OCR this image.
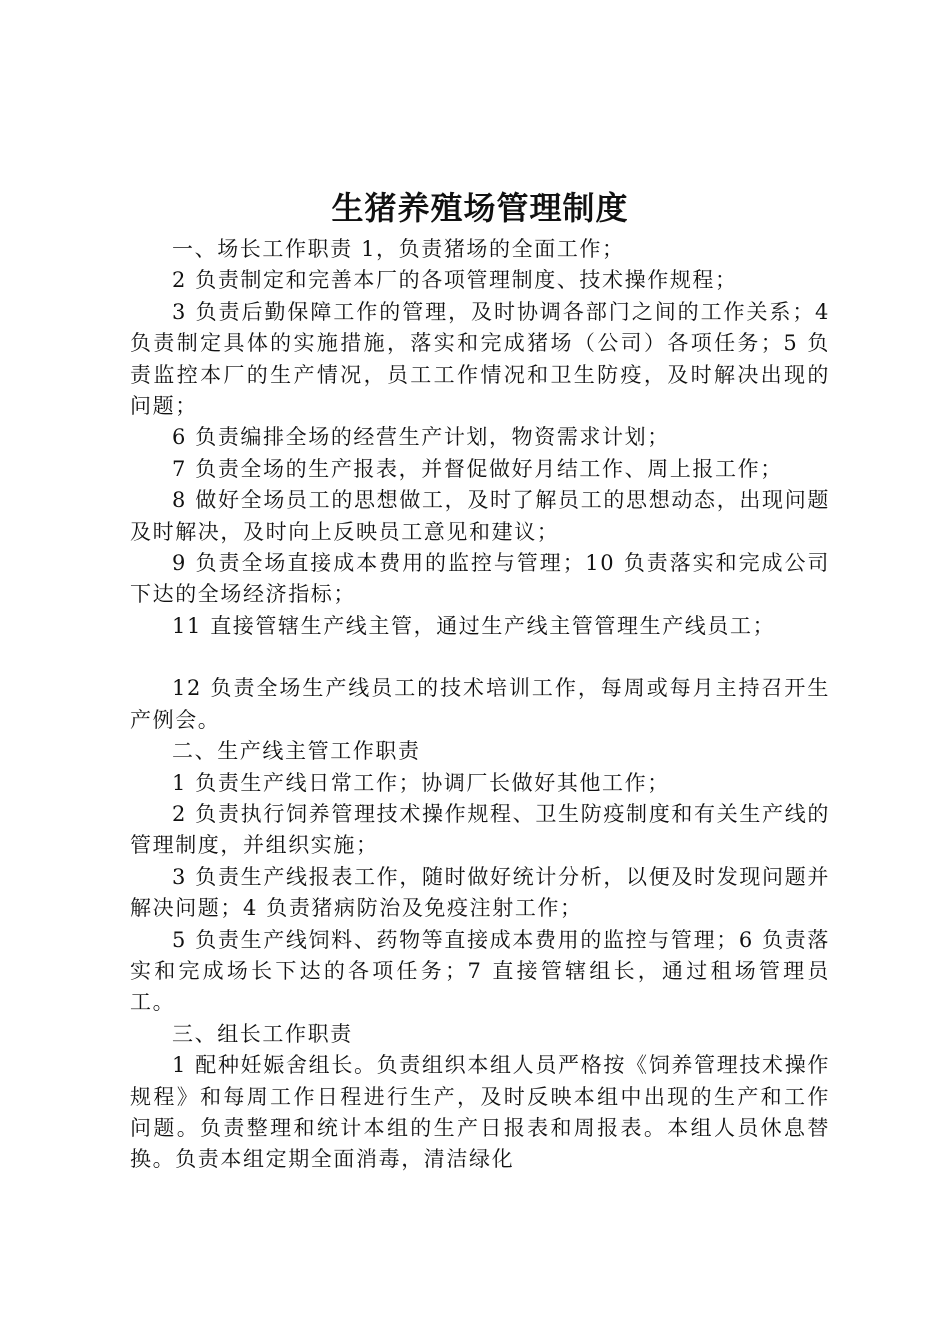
生猪养殖场管理制度

一、场长工作职责 1，负责猪场的全面工作；

2 负责制定和完善本厂的各项管理制度、技术操作规程；

3 负责后勤保障工作的管理，及时协调各部门之间的工作关系；4 负责制定具体的实施措施，落实和完成猪场（公司）各项任务；5 负责监控本厂的生产情况，员工工作情况和卫生防疫，及时解决出现的问题；

6 负责编排全场的经营生产计划，物资需求计划；

7 负责全场的生产报表，并督促做好月结工作、周上报工作；

8 做好全场员工的思想做工，及时了解员工的思想动态，出现问题及时解决，及时向上反映员工意见和建议；

9 负责全场直接成本费用的监控与管理；10 负责落实和完成公司下达的全场经济指标；

11 直接管辖生产线主管，通过生产线主管管理生产线员工；

12 负责全场生产线员工的技术培训工作，每周或每月主持召开生产例会。

二、生产线主管工作职责

1 负责生产线日常工作；协调厂长做好其他工作；

2 负责执行饲养管理技术操作规程、卫生防疫制度和有关生产线的管理制度，并组织实施；

3 负责生产线报表工作，随时做好统计分析，以便及时发现问题并解决问题；4 负责猪病防治及免疫注射工作；

5 负责生产线饲料、药物等直接成本费用的监控与管理；6 负责落实和完成场长下达的各项任务；7 直接管辖组长，通过租场管理员工。

三、组长工作职责

1 配种妊娠舍组长。负责组织本组人员严格按《饲养管理技术操作规程》和每周工作日程进行生产，及时反映本组中出现的生产和工作问题。负责整理和统计本组的生产日报表和周报表。本组人员休息替换。负责本组定期全面消毒，清洁绿化
